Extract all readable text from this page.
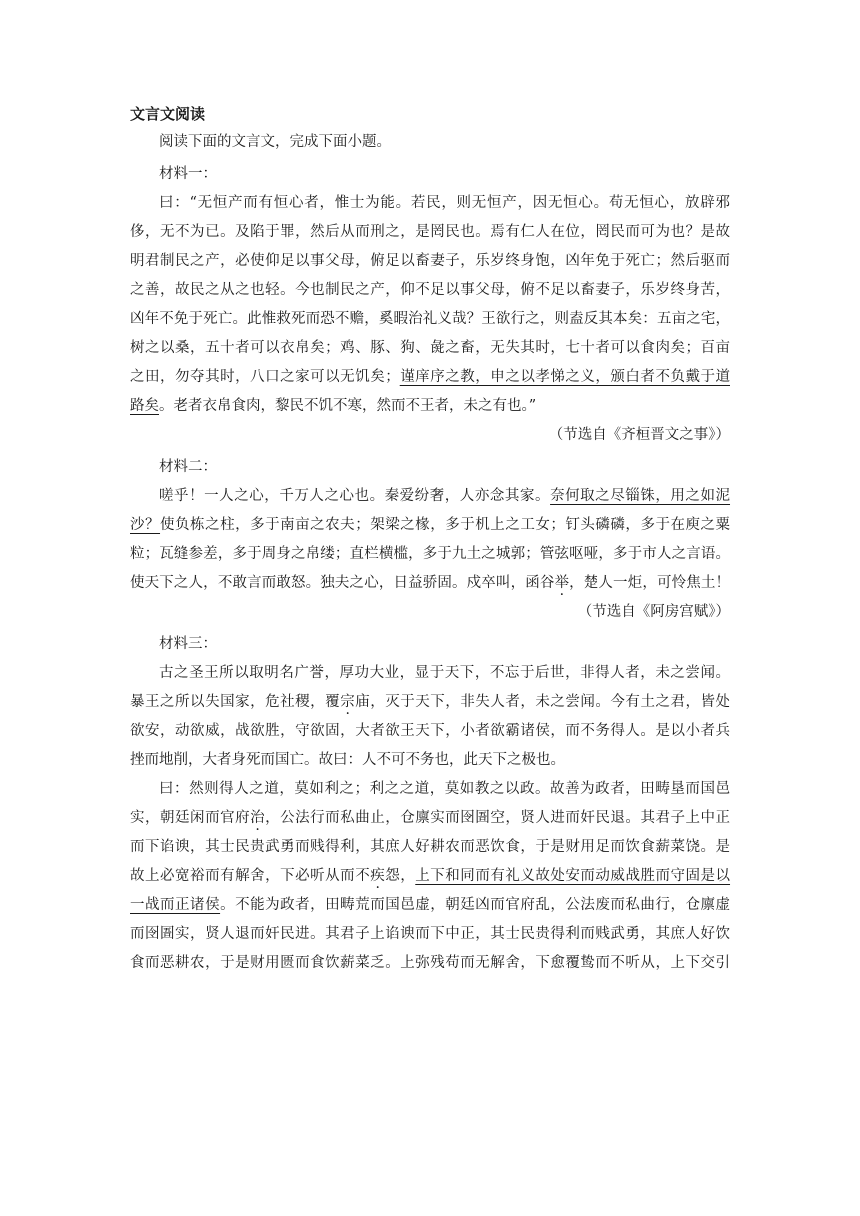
文言文阅读
阅读下面的文言文，完成下面小题。
材料一：
曰：“无恒产而有恒心者，惟士为能。若民，则无恒产，因无恒心。苟无恒心，放辟邪
侈，无不为已。及陷于罪，然后从而刑之，是罔民也。焉有仁人在位，罔民而可为也？是故
明君制民之产，必使仰足以事父母，俯足以畜妻子，乐岁终身饱，凶年免于死亡；然后驱而
之善，故民之从之也轻。今也制民之产，仰不足以事父母，俯不足以畜妻子，乐岁终身苦，
凶年不免于死亡。此惟救死而恐不赡，奚暇治礼义哉？王欲行之，则盍反其本矣：五亩之宅，
树之以桑，五十者可以衣帛矣；鸡、豚、狗、彘之畜，无失其时，七十者可以食肉矣；百亩
之田，勿夺其时，八口之家可以无饥矣；谨庠序之教，申之以孝悌之义，颁白者不负戴于道
路矣。老者衣帛食肉，黎民不饥不寒，然而不王者，未之有也。”
（节选自《齐桓晋文之事》）
材料二：
嗟乎！一人之心，千万人之心也。秦爱纷奢，人亦念其家。奈何取之尽锱铢，用之如泥
沙？使负栋之柱，多于南亩之农夫；架梁之椽，多于机上之工女；钉头磷磷，多于在庾之粟
粒；瓦缝参差，多于周身之帛缕；直栏横槛，多于九土之城郭；管弦呕哑，多于市人之言语。
使天下之人，不敢言而敢怒。独夫之心，日益骄固。戍卒叫，函谷举，楚人一炬，可怜焦土！
（节选自《阿房宫赋》）
材料三：
古之圣王所以取明名广誉，厚功大业，显于天下，不忘于后世，非得人者，未之尝闻。
暴王之所以失国家，危社稷，覆宗庙，灭于天下，非失人者，未之尝闻。今有土之君，皆处
欲安，动欲威，战欲胜，守欲固，大者欲王天下，小者欲霸诸侯，而不务得人。是以小者兵
挫而地削，大者身死而国亡。故曰：人不可不务也，此天下之极也。
曰：然则得人之道，莫如利之；利之之道，莫如教之以政。故善为政者，田畴垦而国邑
实，朝廷闲而官府治，公法行而私曲止，仓廪实而囹圄空，贤人进而奸民退。其君子上中正
而下谄谀，其士民贵武勇而贱得利，其庶人好耕农而恶饮食，于是财用足而饮食薪菜饶。是
故上必宽裕而有解舍，下必听从而不疾怨，上下和同而有礼义故处安而动威战胜而守固是以
一战而正诸侯。不能为政者，田畴荒而国邑虚，朝廷凶而官府乱，公法废而私曲行，仓廪虚
而囹圄实，贤人退而奸民进。其君子上谄谀而下中正，其士民贵得利而贱武勇，其庶人好饮
食而恶耕农，于是财用匮而食饮薪菜乏。上弥残苟而无解舍，下愈覆鸷而不听从，上下交引
